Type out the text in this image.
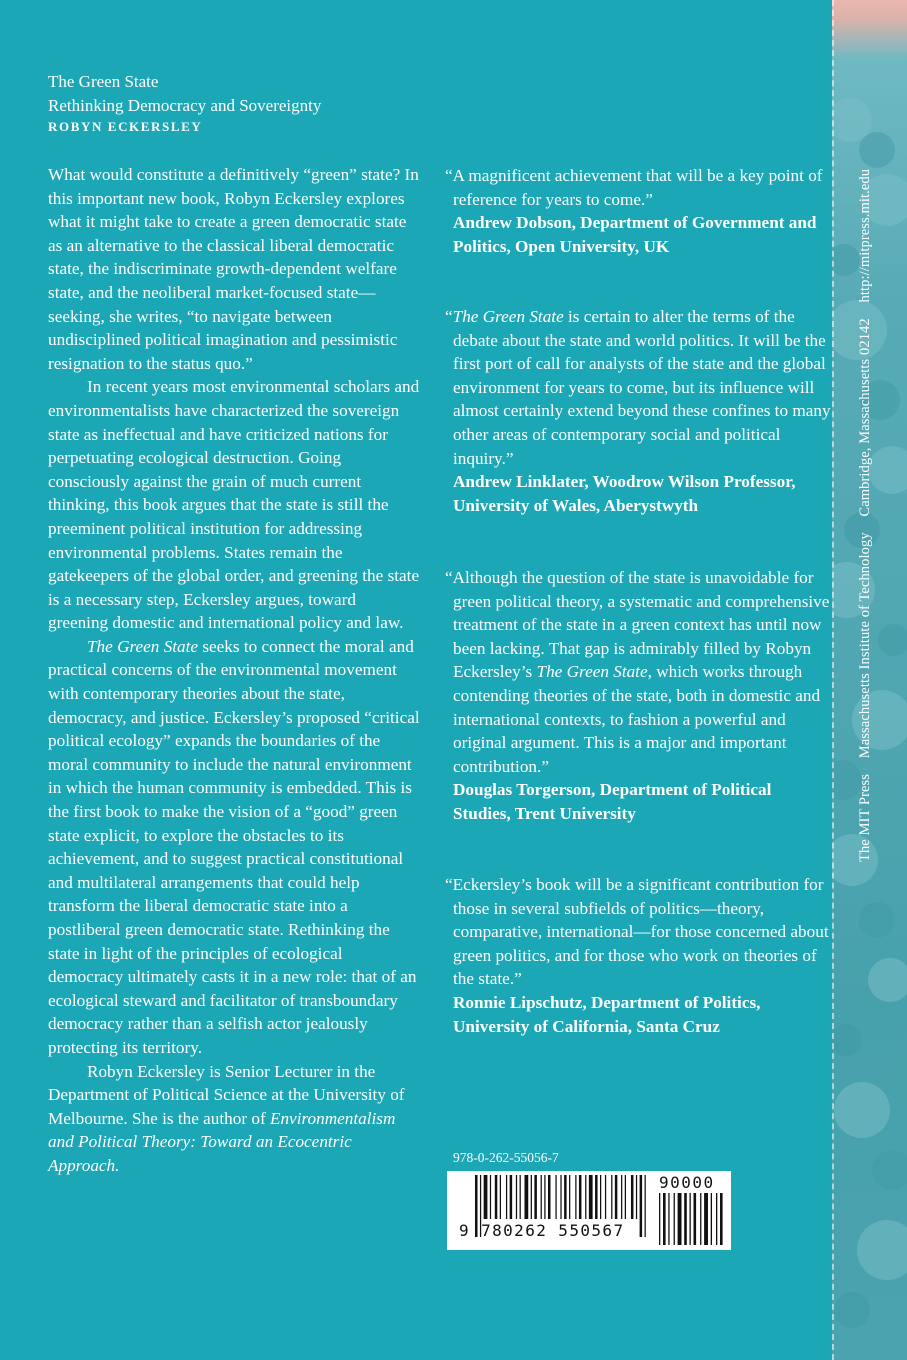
The MIT Press Massachusetts Institute of Technology Cambridge, Massachusetts 02142 http://mitpress.mit.edu
The Green State
Rethinking Democracy and Sovereignty
ROBYN ECKERSLEY

What would constitute a definitively “green” state? In this important new book, Robyn Eckersley explores what it might take to create a green democratic state as an alternative to the classical liberal democratic state, the indiscriminate growth-dependent welfare state, and the neoliberal market-focused state—seeking, she writes, “to navigate between undisciplined political imagination and pessimistic resignation to the status quo.”

In recent years most environmental scholars and environmentalists have characterized the sovereign state as ineffectual and have criticized nations for perpetuating ecological destruction. Going consciously against the grain of much current thinking, this book argues that the state is still the preeminent political institution for addressing environmental problems. States remain the gatekeepers of the global order, and greening the state is a necessary step, Eckersley argues, toward greening domestic and international policy and law.

The Green State seeks to connect the moral and practical concerns of the environmental movement with contemporary theories about the state, democracy, and justice. Eckersley’s proposed “critical political ecology” expands the boundaries of the moral community to include the natural environment in which the human community is embedded. This is the first book to make the vision of a “good” green state explicit, to explore the obstacles to its achievement, and to suggest practical constitutional and multilateral arrangements that could help transform the liberal democratic state into a postliberal green democratic state. Rethinking the state in light of the principles of ecological democracy ultimately casts it in a new role: that of an ecological steward and facilitator of transboundary democracy rather than a selfish actor jealously protecting its territory.

Robyn Eckersley is Senior Lecturer in the Department of Political Science at the University of Melbourne. She is the author of Environmentalism and Political Theory: Toward an Ecocentric Approach.

“A magnificent achievement that will be a key point of reference for years to come.”

Andrew Dobson, Department of Government and Politics, Open University, UK

“The Green State is certain to alter the terms of the debate about the state and world politics. It will be the first port of call for analysts of the state and the global environment for years to come, but its influence will almost certainly extend beyond these confines to many other areas of contemporary social and political inquiry.”

Andrew Linklater, Woodrow Wilson Professor, University of Wales, Aberystwyth

“Although the question of the state is unavoidable for green political theory, a systematic and comprehensive treatment of the state in a green context has until now been lacking. That gap is admirably filled by Robyn Eckersley’s The Green State, which works through contending theories of the state, both in domestic and international contexts, to fashion a powerful and original argument. This is a major and important contribution.”

Douglas Torgerson, Department of Political Studies, Trent University

“Eckersley’s book will be a significant contribution for those in several subfields of politics—theory, comparative, international—for those concerned about green politics, and for those who work on theories of the state.”

Ronnie Lipschutz, Department of Politics, University of California, Santa Cruz

978-0-262-55056-7
9 780262 550567
90000
